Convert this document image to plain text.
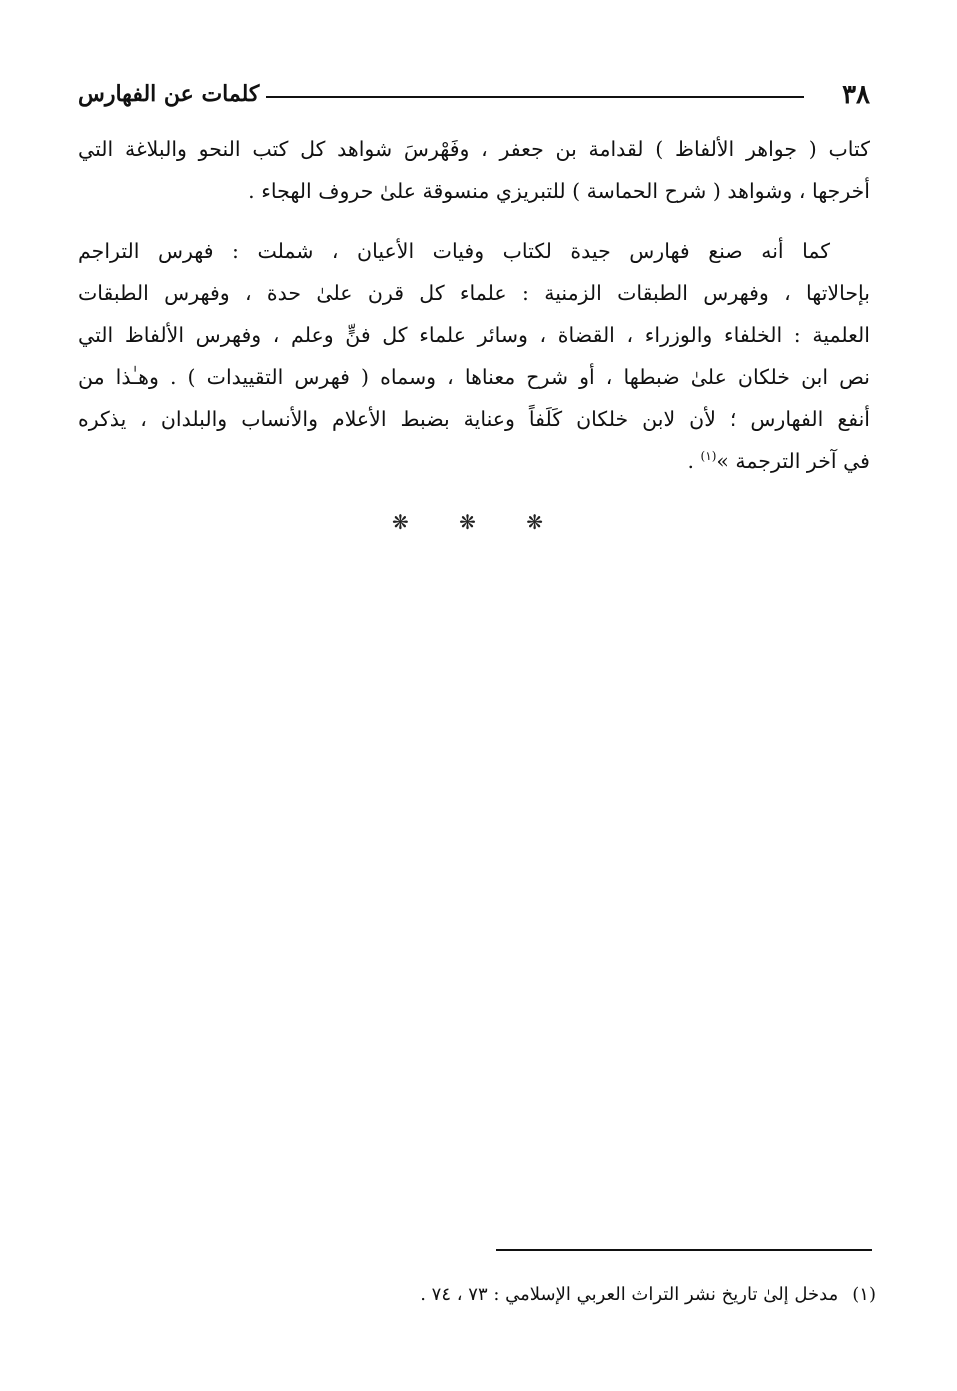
٣٨
كلمات عن الفهارس
كتاب ( جواهر الألفاظ ) لقدامة بن جعفر ، وفَهْرسَ شواهد كل كتب النحو والبلاغة التي
أخرجها ، وشواهد ( شرح الحماسة ) للتبريزي منسوقة علىٰ حروف الهجاء .
كما أنه صنع فهارس جيدة لكتاب وفيات الأعيان ، شملت : فهرس التراجم
بإحالاتها ، وفهرس الطبقات الزمنية : علماء كل قرن علىٰ حدة ، وفهرس الطبقات
العلمية : الخلفاء والوزراء ، القضاة ، وسائر علماء كل فنٍّ وعلم ، وفهرس الألفاظ التي
نص ابن خلكان علىٰ ضبطها ، أو شرح معناها ، وسماه ( فهرس التقييدات ) . وهـٰذا من
أنفع الفهارس ؛ لأن لابن خلكان كَلَفاً وعناية بضبط الأعلام والأنساب والبلدان ، يذكره
في آخر الترجمة »$^{(١)}$ .
❋ ❋ ❋
(١)مدخل إلىٰ تاريخ نشر التراث العربي الإسلامي : ٧٣ ، ٧٤ .
